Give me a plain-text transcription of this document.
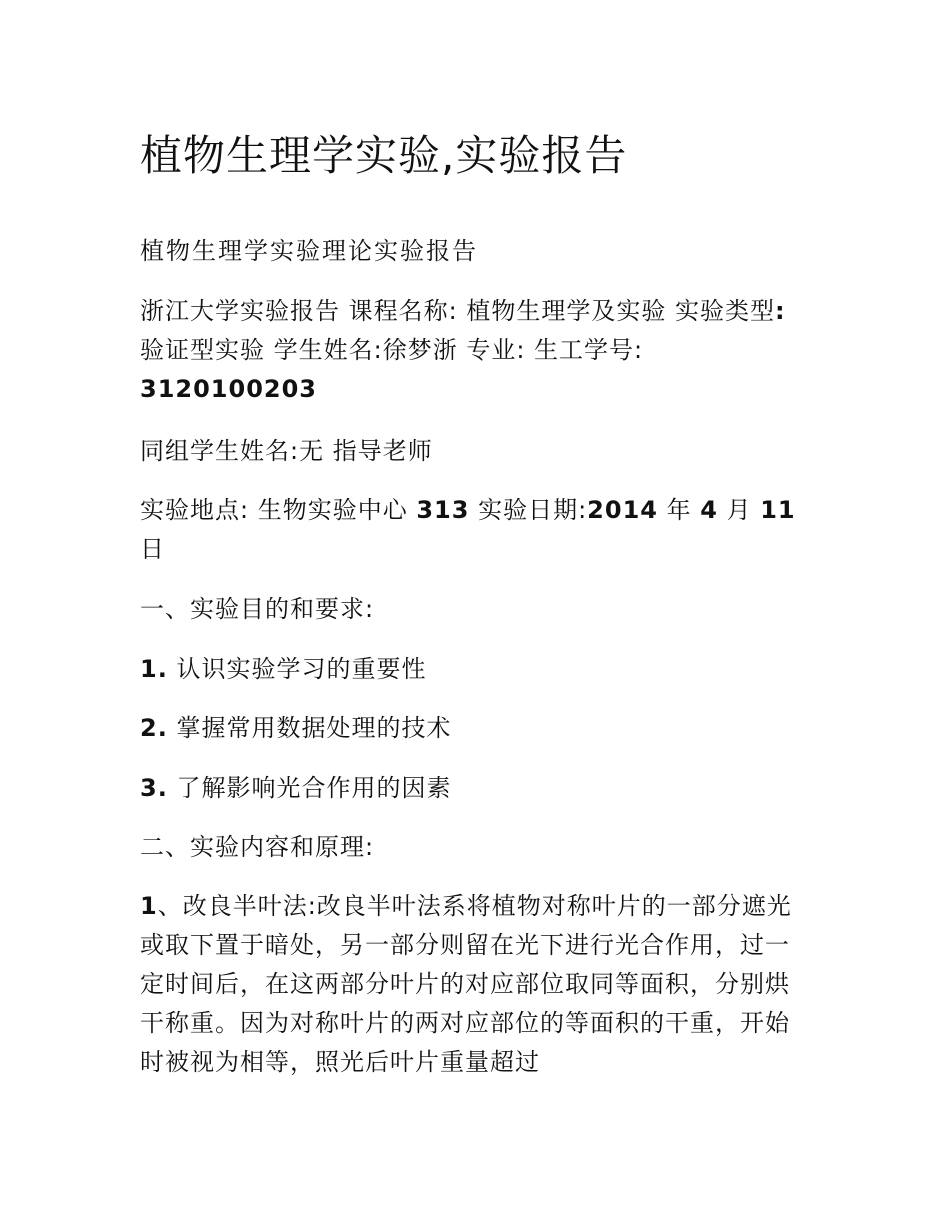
植物生理学实验,实验报告

植物生理学实验理论实验报告

浙江大学实验报告 课程名称: 植物生理学及实验 实验类型: 验证型实验 学生姓名:徐梦浙 专业: 生工学号: 3120100203

同组学生姓名:无 指导老师

实验地点: 生物实验中心 313 实验日期:2014 年 4 月 11 日

一、实验目的和要求:

1. 认识实验学习的重要性

2. 掌握常用数据处理的技术

3. 了解影响光合作用的因素

二、实验内容和原理:

1、改良半叶法:改良半叶法系将植物对称叶片的一部分遮光或取下置于暗处，另一部分则留在光下进行光合作用，过一定时间后，在这两部分叶片的对应部位取同等面积，分别烘干称重。因为对称叶片的两对应部位的等面积的干重，开始时被视为相等，照光后叶片重量超过
